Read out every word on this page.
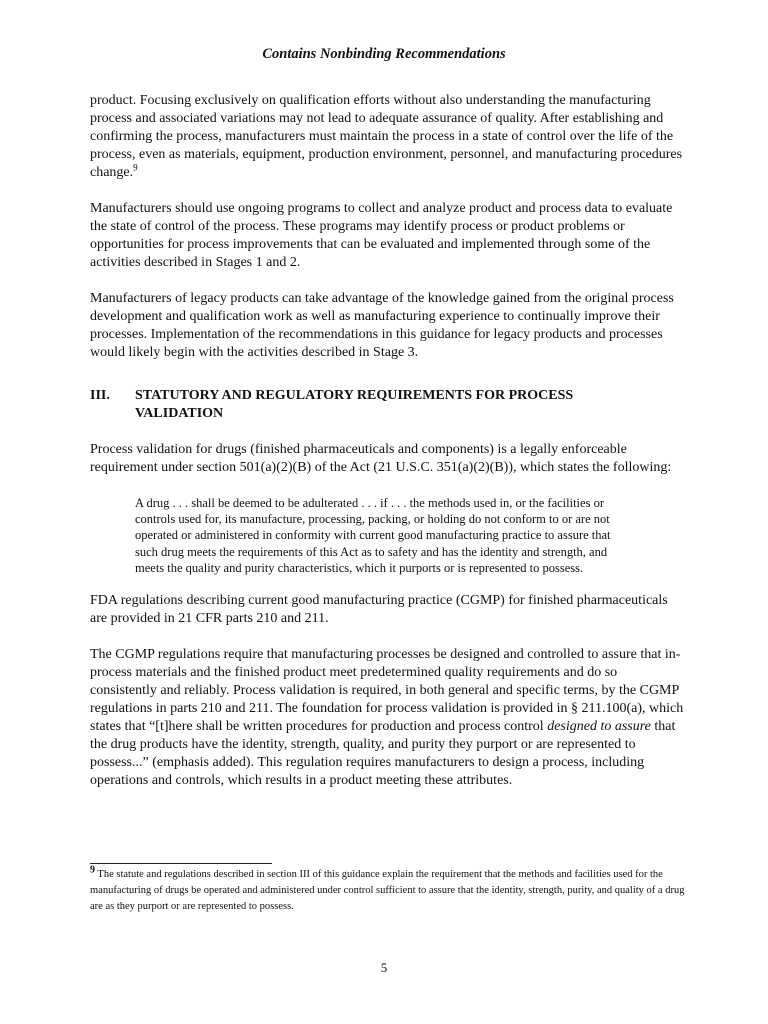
Contains Nonbinding Recommendations

product. Focusing exclusively on qualification efforts without also understanding the manufacturing process and associated variations may not lead to adequate assurance of quality. After establishing and confirming the process, manufacturers must maintain the process in a state of control over the life of the process, even as materials, equipment, production environment, personnel, and manufacturing procedures change.$^9$

Manufacturers should use ongoing programs to collect and analyze product and process data to evaluate the state of control of the process. These programs may identify process or product problems or opportunities for process improvements that can be evaluated and implemented through some of the activities described in Stages 1 and 2.

Manufacturers of legacy products can take advantage of the knowledge gained from the original process development and qualification work as well as manufacturing experience to continually improve their processes. Implementation of the recommendations in this guidance for legacy products and processes would likely begin with the activities described in Stage 3.

III.	STATUTORY AND REGULATORY REQUIREMENTS FOR PROCESS VALIDATION

Process validation for drugs (finished pharmaceuticals and components) is a legally enforceable requirement under section 501(a)(2)(B) of the Act (21 U.S.C. 351(a)(2)(B)), which states the following:

A drug . . . shall be deemed to be adulterated . . . if . . . the methods used in, or the facilities or controls used for, its manufacture, processing, packing, or holding do not conform to or are not operated or administered in conformity with current good manufacturing practice to assure that such drug meets the requirements of this Act as to safety and has the identity and strength, and meets the quality and purity characteristics, which it purports or is represented to possess.

FDA regulations describing current good manufacturing practice (CGMP) for finished pharmaceuticals are provided in 21 CFR parts 210 and 211.

The CGMP regulations require that manufacturing processes be designed and controlled to assure that in-process materials and the finished product meet predetermined quality requirements and do so consistently and reliably. Process validation is required, in both general and specific terms, by the CGMP regulations in parts 210 and 211. The foundation for process validation is provided in § 211.100(a), which states that “[t]here shall be written procedures for production and process control designed to assure that the drug products have the identity, strength, quality, and purity they purport or are represented to possess...” (emphasis added). This regulation requires manufacturers to design a process, including operations and controls, which results in a product meeting these attributes.

9 The statute and regulations described in section III of this guidance explain the requirement that the methods and facilities used for the manufacturing of drugs be operated and administered under control sufficient to assure that the identity, strength, purity, and quality of a drug are as they purport or are represented to possess.
5
